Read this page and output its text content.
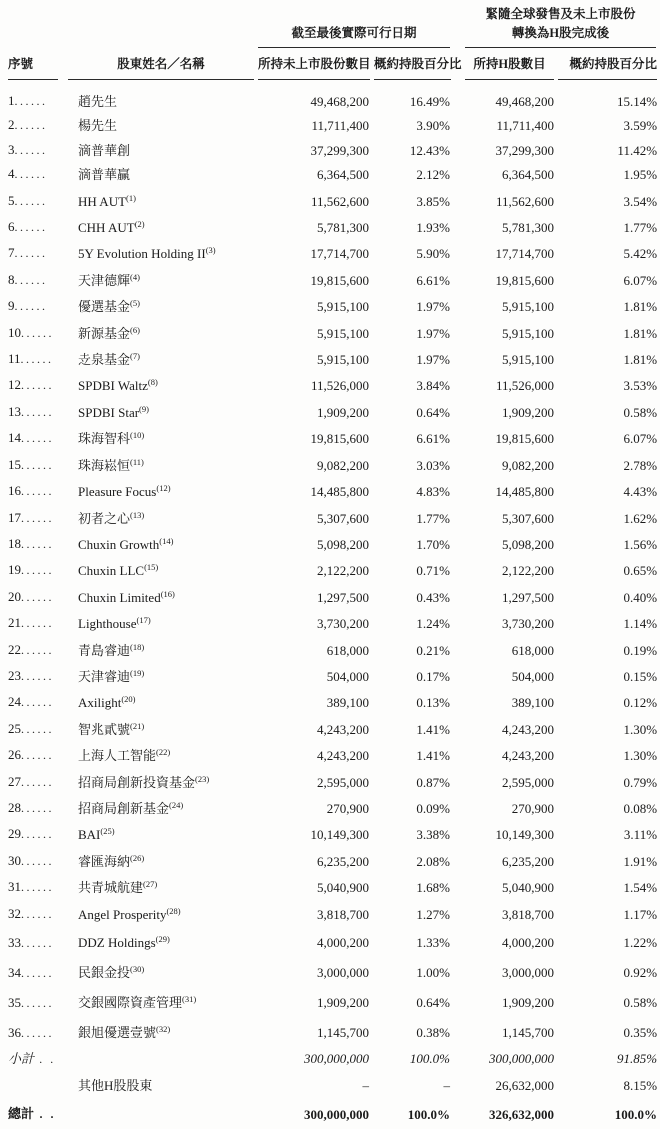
		截至最後實際可行日期		緊隨全球發售及未上市股份
轉換為H股完成後	

序號	股東姓名／名稱	所持未上市股份數目	概約持股百分比	所持H股數目	概約持股百分比

1......	趙先生	49,468,200	16.49%	49,468,200	15.14%
2......	楊先生	11,711,400	3.90%	11,711,400	3.59%
3......	滴普華創	37,299,300	12.43%	37,299,300	11.42%
4......	滴普華贏	6,364,500	2.12%	6,364,500	1.95%
5......	HH AUT$^{(1)}$	11,562,600	3.85%	11,562,600	3.54%
6......	CHH AUT$^{(2)}$	5,781,300	1.93%	5,781,300	1.77%
7......	5Y Evolution Holding II$^{(3)}$	17,714,700	5.90%	17,714,700	5.42%
8......	天津德輝$^{(4)}$	19,815,600	6.61%	19,815,600	6.07%
9......	優選基金$^{(5)}$	5,915,100	1.97%	5,915,100	1.81%
10......	新源基金$^{(6)}$	5,915,100	1.97%	5,915,100	1.81%
11......	赱泉基金$^{(7)}$	5,915,100	1.97%	5,915,100	1.81%
12......	SPDBI Waltz$^{(8)}$	11,526,000	3.84%	11,526,000	3.53%
13......	SPDBI Star$^{(9)}$	1,909,200	0.64%	1,909,200	0.58%
14......	珠海智科$^{(10)}$	19,815,600	6.61%	19,815,600	6.07%
15......	珠海崧恒$^{(11)}$	9,082,200	3.03%	9,082,200	2.78%
16......	Pleasure Focus$^{(12)}$	14,485,800	4.83%	14,485,800	4.43%
17......	初者之心$^{(13)}$	5,307,600	1.77%	5,307,600	1.62%
18......	Chuxin Growth$^{(14)}$	5,098,200	1.70%	5,098,200	1.56%
19......	Chuxin LLC$^{(15)}$	2,122,200	0.71%	2,122,200	0.65%
20......	Chuxin Limited$^{(16)}$	1,297,500	0.43%	1,297,500	0.40%
21......	Lighthouse$^{(17)}$	3,730,200	1.24%	3,730,200	1.14%
22......	青島睿迪$^{(18)}$	618,000	0.21%	618,000	0.19%
23......	天津睿迪$^{(19)}$	504,000	0.17%	504,000	0.15%
24......	Axilight$^{(20)}$	389,100	0.13%	389,100	0.12%
25......	智兆貳號$^{(21)}$	4,243,200	1.41%	4,243,200	1.30%
26......	上海人工智能$^{(22)}$	4,243,200	1.41%	4,243,200	1.30%
27......	招商局創新投資基金$^{(23)}$	2,595,000	0.87%	2,595,000	0.79%
28......	招商局創新基金$^{(24)}$	270,900	0.09%	270,900	0.08%
29......	BAI$^{(25)}$	10,149,300	3.38%	10,149,300	3.11%
30......	睿匯海納$^{(26)}$	6,235,200	2.08%	6,235,200	1.91%
31......	共青城航建$^{(27)}$	5,040,900	1.68%	5,040,900	1.54%
32......	Angel Prosperity$^{(28)}$	3,818,700	1.27%	3,818,700	1.17%
33......	DDZ Holdings$^{(29)}$	4,000,200	1.33%	4,000,200	1.22%
34......	民銀金投$^{(30)}$	3,000,000	1.00%	3,000,000	0.92%
35......	交銀國際資產管理$^{(31)}$	1,909,200	0.64%	1,909,200	0.58%
36......	銀旭優選壹號$^{(32)}$	1,145,700	0.38%	1,145,700	0.35%
小計 . .		300,000,000	100.0%	300,000,000	91.85%
	其他H股股東	–	–	26,632,000	8.15%
總計 . .		300,000,000	100.0%	326,632,000	100.0%
